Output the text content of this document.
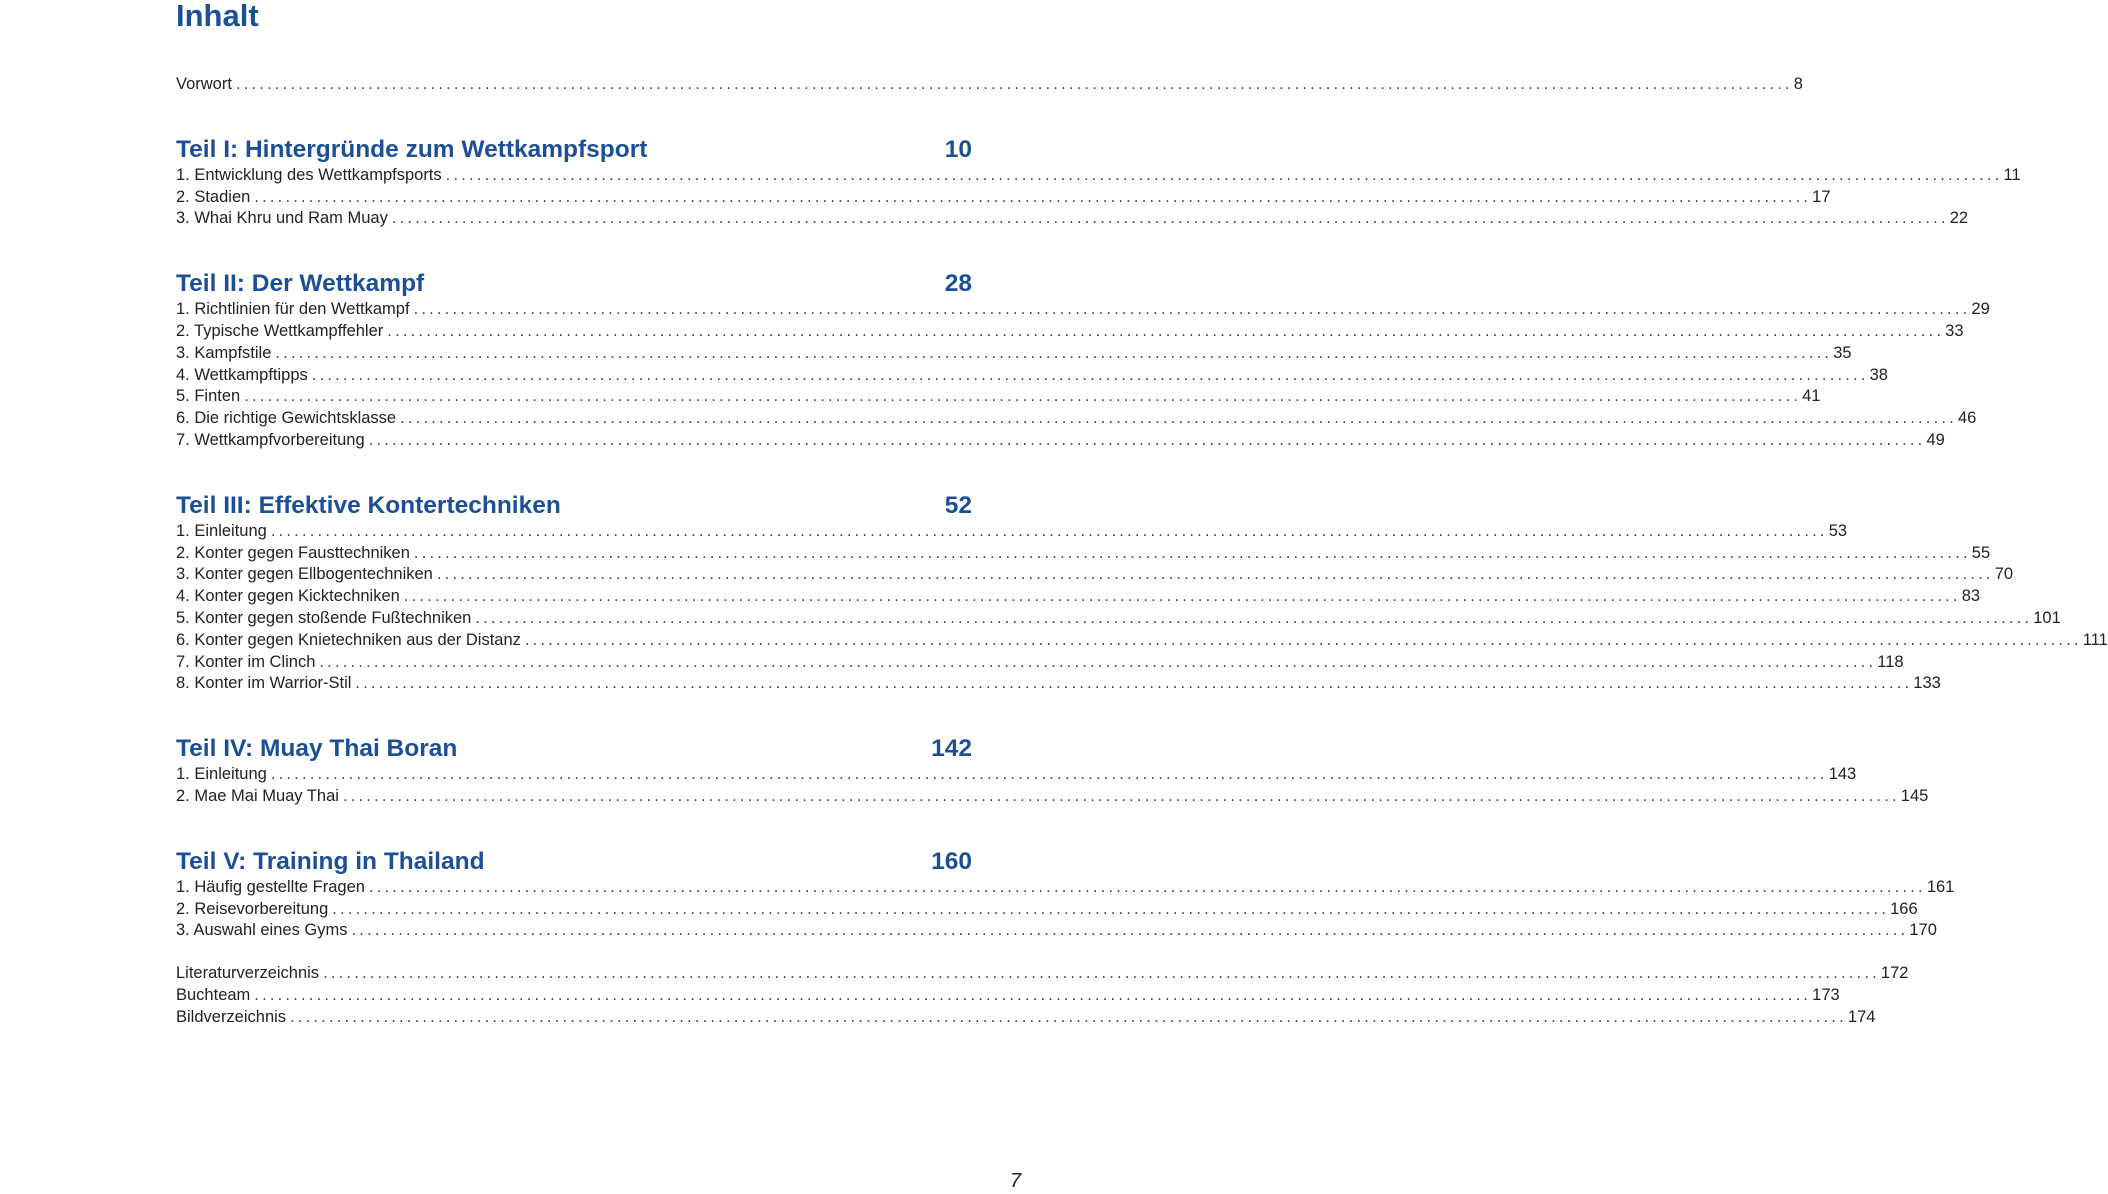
Inhalt
Vorwort ........................................................................................................................................................................................................ 8
Teil I: Hintergründe zum Wettkampfsport	10
1. Entwicklung des Wettkampfsports ........................................................................................................................................................................................................ 11
2. Stadien ........................................................................................................................................................................................................ 17
3. Whai Khru und Ram Muay ........................................................................................................................................................................................................ 22
Teil II: Der Wettkampf	28
1. Richtlinien für den Wettkampf ........................................................................................................................................................................................................ 29
2. Typische Wettkampffehler ........................................................................................................................................................................................................ 33
3. Kampfstile ........................................................................................................................................................................................................ 35
4. Wettkampftipps ........................................................................................................................................................................................................ 38
5. Finten ........................................................................................................................................................................................................ 41
6. Die richtige Gewichtsklasse ........................................................................................................................................................................................................ 46
7. Wettkampfvorbereitung ........................................................................................................................................................................................................ 49
Teil III: Effektive Kontertechniken	52
1. Einleitung ........................................................................................................................................................................................................ 53
2. Konter gegen Fausttechniken ........................................................................................................................................................................................................ 55
3. Konter gegen Ellbogentechniken ........................................................................................................................................................................................................ 70
4. Konter gegen Kicktechniken ........................................................................................................................................................................................................ 83
5. Konter gegen stoßende Fußtechniken ........................................................................................................................................................................................................ 101
6. Konter gegen Knietechniken aus der Distanz ........................................................................................................................................................................................................ 111
7. Konter im Clinch ........................................................................................................................................................................................................ 118
8. Konter im Warrior-Stil ........................................................................................................................................................................................................ 133
Teil IV: Muay Thai Boran	142
1. Einleitung ........................................................................................................................................................................................................ 143
2. Mae Mai Muay Thai ........................................................................................................................................................................................................ 145
Teil V: Training in Thailand	160
1. Häufig gestellte Fragen ........................................................................................................................................................................................................ 161
2. Reisevorbereitung ........................................................................................................................................................................................................ 166
3. Auswahl eines Gyms ........................................................................................................................................................................................................ 170
Literaturverzeichnis ........................................................................................................................................................................................................ 172
Buchteam ........................................................................................................................................................................................................ 173
Bildverzeichnis ........................................................................................................................................................................................................ 174
7
